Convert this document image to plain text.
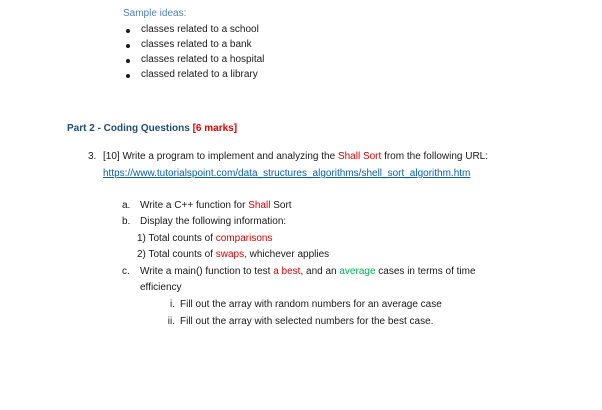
Sample ideas:
classes related to a school
classes related to a bank
classes related to a hospital
classed related to a library
Part 2 - Coding Questions [6 marks]
3. [10] Write a program to implement and analyzing the Shall Sort from the following URL:
https://www.tutorialspoint.com/data_structures_algorithms/shell_sort_algorithm.htm
a. Write a C++ function for Shall Sort
b. Display the following information:
1) Total counts of comparisons
2) Total counts of swaps, whichever applies
c. Write a main() function to test a best, and an average cases in terms of time
efficiency
i. Fill out the array with random numbers for an average case
ii. Fill out the array with selected numbers for the best case.
